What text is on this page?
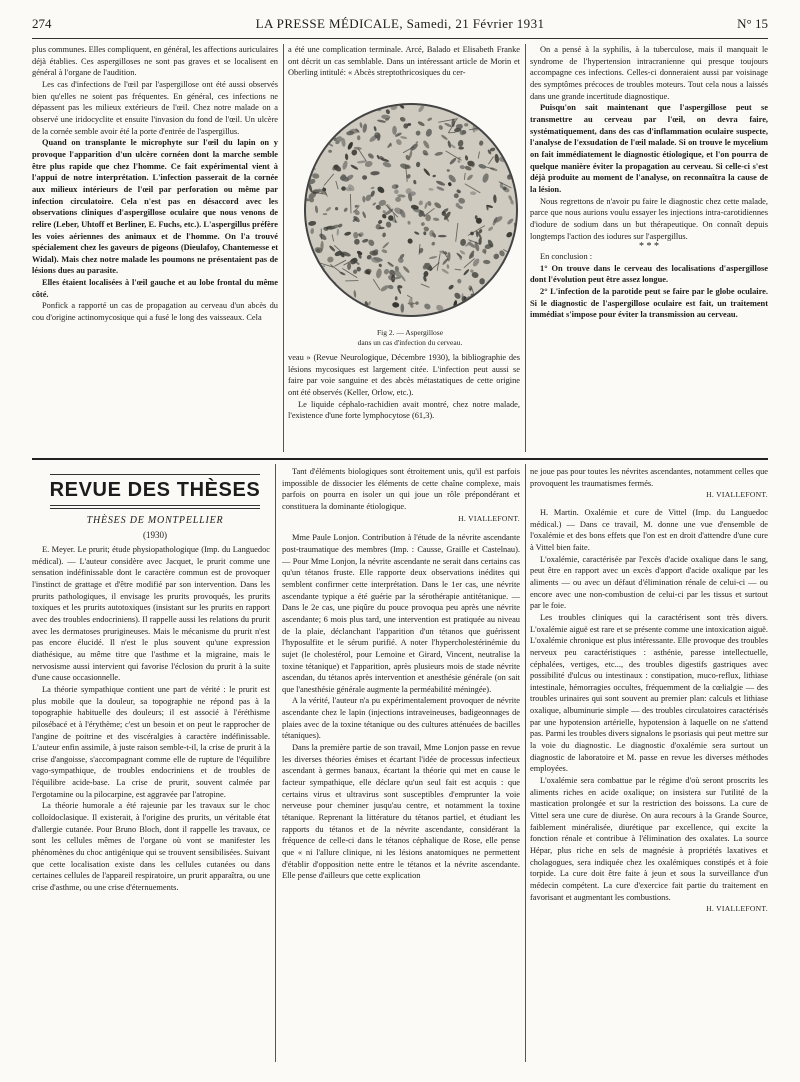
274	LA PRESSE MÉDICALE, Samedi, 21 Février 1931	N° 15

plus communes. Elles compliquent, en général, les affections auriculaires déjà établies. Ces aspergilloses ne sont pas graves et se localisent en général à l'organe de l'audition.

Les cas d'infections de l'œil par l'aspergillose ont été aussi observés bien qu'elles ne soient pas fréquentes. En général, ces infections ne dépassent pas les milieux extérieurs de l'œil. Chez notre malade on a observé une iridocyclite et ensuite l'invasion du fond de l'œil. Un ulcère de la cornée semble avoir été la porte d'entrée de l'aspergillus.

Quand on transplante le microphyte sur l'œil du lapin on y provoque l'apparition d'un ulcère cornéen dont la marche semble être plus rapide que chez l'homme. Ce fait expérimental vient à l'appui de notre interprétation. L'infection passerait de la cornée aux milieux intérieurs de l'œil par perforation ou même par infection circulatoire. Cela n'est pas en désaccord avec les observations cliniques d'aspergillose oculaire que nous venons de relire (Leber, Uhtoff et Berliner, E. Fuchs, etc.). L'aspergillus préfère les voies aériennes des animaux et de l'homme. On l'a trouvé spécialement chez les gaveurs de pigeons (Dieulafoy, Chantemesse et Widal). Mais chez notre malade les poumons ne présentaient pas de lésions dues au parasite.

Elles étaient localisées à l'œil gauche et au lobe frontal du même côté.

Ponfick a rapporté un cas de propagation au cerveau d'un abcès du cou d'origine actinomycosique qui a fusé le long des vaisseaux. Cela

a été une complication terminale. Arcé, Balado et Elisabeth Franke ont décrit un cas semblable. Dans un intéressant article de Morin et Oberling intitulé: « Abcès streptothricosiques du cer-

Fig 2. — Aspergillose
dans un cas d'infection du cerveau.

veau » (Revue Neurologique, Décembre 1930), la bibliographie des lésions mycosiques est largement citée. L'infection peut aussi se faire par voie sanguine et des abcès métastatiques de cette origine ont été observés (Keller, Orlow, etc.).

Le liquide céphalo-rachidien avait montré, chez notre malade, l'existence d'une forte lymphocytose (61,3).

On a pensé à la syphilis, à la tuberculose, mais il manquait le syndrome de l'hypertension intracranienne qui presque toujours accompagne ces infections. Celles-ci donneraient aussi par voisinage des symptômes précoces de troubles moteurs. Tout cela nous a laissés dans une grande incertitude diagnostique.

Puisqu'on sait maintenant que l'aspergillose peut se transmettre au cerveau par l'œil, on devra faire, systématiquement, dans des cas d'inflammation oculaire suspecte, l'analyse de l'exsudation de l'œil malade. Si on trouve le mycelium on fait immédiatement le diagnostic étiologique, et l'on pourra de quelque manière éviter la propagation au cerveau. Si celle-ci s'est déjà produite au moment de l'analyse, on reconnaîtra la cause de la lésion.

Nous regrettons de n'avoir pu faire le diagnostic chez cette malade, parce que nous aurions voulu essayer les injections intra-carotidiennes d'iodure de sodium dans un but thérapeutique. On connaît depuis longtemps l'action des iodures sur l'aspergillus.

* * *

En conclusion :

1° On trouve dans le cerveau des localisations d'aspergillose dont l'évolution peut être assez longue.

2° L'infection de la parotide peut se faire par le globe oculaire. Si le diagnostic de l'aspergillose oculaire est fait, un traitement immédiat s'impose pour éviter la transmission au cerveau.

REVUE DES THÈSES
THÈSES DE MONTPELLIER
(1930)

E. Meyer. Le prurit; étude physiopathologique (Imp. du Languedoc médical). — L'auteur considère avec Jacquet, le prurit comme une sensation indéfinissable dont le caractère commun est de provoquer l'instinct de grattage et d'être modifié par son intervention. Dans les prurits pathologiques, il envisage les prurits provoqués, les prurits toxiques et les prurits autotoxiques (insistant sur les prurits en rapport avec des troubles endocriniens). Il rappelle aussi les relations du prurit avec les dermatoses prurigineuses. Mais le mécanisme du prurit n'est pas encore élucidé. Il n'est le plus souvent qu'une expression diathésique, au même titre que l'asthme et la migraine, mais le nervosisme aussi intervient qui favorise l'éclosion du prurit à la suite d'une cause occasionnelle.

La théorie sympathique contient une part de vérité : le prurit est plus mobile que la douleur, sa topographie ne répond pas à la topographie habituelle des douleurs; il est associé à l'éréthisme pilosébacé et à l'érythème; c'est un besoin et on peut le rapprocher de l'angine de poitrine et des viscéralgies à caractère indéfinissable. L'auteur enfin assimile, à juste raison semble-t-il, la crise de prurit à la crise d'angoisse, s'accompagnant comme elle de rupture de l'équilibre vago-sympathique, de troubles endocriniens et de troubles de l'équilibre acide-base. La crise de prurit, souvent calmée par l'ergotamine ou la pilocarpine, est aggravée par l'atropine.

La théorie humorale a été rajeunie par les travaux sur le choc colloïdoclasique. Il existerait, à l'origine des prurits, un véritable état d'allergie cutanée. Pour Bruno Bloch, dont il rappelle les travaux, ce sont les cellules mêmes de l'organe où vont se manifester les phénomènes du choc antigénique qui se trouvent sensibilisées. Suivant que cette localisation existe dans les cellules cutanées ou dans certaines cellules de l'appareil respiratoire, un prurit apparaîtra, ou une crise d'asthme, ou une crise d'éternuements.

Tant d'éléments biologiques sont étroitement unis, qu'il est parfois impossible de dissocier les éléments de cette chaîne complexe, mais parfois on pourra en isoler un qui joue un rôle prépondérant et constituera la dominante étiologique.

H. VIALLEFONT.

Mme Paule Lonjon. Contribution à l'étude de la névrite ascendante post-traumatique des membres (Imp. : Causse, Graille et Castelnau). — Pour Mme Lonjon, la névrite ascendante ne serait dans certains cas qu'un tétanos fruste. Elle rapporte deux observations inédites qui semblent confirmer cette interprétation. Dans le 1er cas, une névrite ascendante typique a été guérie par la sérothérapie antitétanique. — Dans le 2e cas, une piqûre du pouce provoqua peu après une névrite ascendante; 6 mois plus tard, une intervention est pratiquée au niveau de la plaie, déclanchant l'apparition d'un tétanos que guérissent l'hyposulfite et le sérum purifié. A noter l'hypercholestérinémie du sujet (le cholestérol, pour Lemoine et Girard, Vincent, neutralise la toxine tétanique) et l'apparition, après plusieurs mois de stade névrite ascendan, du tétanos après intervention et anesthésie générale (on sait que l'anesthésie générale augmente la perméabilité méningée).

A la vérité, l'auteur n'a pu expérimentalement provoquer de névrite ascendante chez le lapin (injections intraveineuses, badigeonnages de plaies avec de la toxine tétanique ou des cultures atténuées de bacilles tétaniques).

Dans la première partie de son travail, Mme Lonjon passe en revue les diverses théories émises et écartant l'idée de processus infectieux ascendant à germes banaux, écartant la théorie qui met en cause le facteur sympathique, elle déclare qu'un seul fait est acquis : que certains virus et ultravirus sont susceptibles d'emprunter la voie nerveuse pour cheminer jusqu'au centre, et notamment la toxine tétanique. Reprenant la littérature du tétanos partiel, et étudiant les rapports du tétanos et de la névrite ascendante, considérant la fréquence de celle-ci dans le tétanos céphalique de Rose, elle pense que « ni l'allure clinique, ni les lésions anatomiques ne permettent d'établir d'opposition nette entre le tétanos et la névrite ascendante. Elle pense d'ailleurs que cette explication

ne joue pas pour toutes les névrites ascendantes, notamment celles que provoquent les traumatismes fermés.

H. VIALLEFONT.

H. Martin. Oxalémie et cure de Vittel (Imp. du Languedoc médical.) — Dans ce travail, M. donne une vue d'ensemble de l'oxalémie et des bons effets que l'on est en droit d'attendre d'une cure à Vittel bien faite.

L'oxalémie, caractérisée par l'excès d'acide oxalique dans le sang, peut être en rapport avec un excès d'apport d'acide oxalique par les aliments — ou avec un défaut d'élimination rénale de celui-ci — ou encore avec une non-combustion de celui-ci par les tissus et surtout par le foie.

Les troubles cliniques qui la caractérisent sont très divers. L'oxalémie aiguë est rare et se présente comme une intoxication aiguë. L'oxalémie chronique est plus intéressante. Elle provoque des troubles nerveux peu caractéristiques : asthénie, paresse intellectuelle, céphalées, vertiges, etc..., des troubles digestifs gastriques avec possibilité d'ulcus ou intestinaux : constipation, muco-reflux, lithiase intestinale, hémorragies occultes, fréquemment de la cœlialgie — des troubles urinaires qui sont souvent au premier plan: calculs et lithiase oxalique, albuminurie simple — des troubles circulatoires caractérisés par une hypotension artérielle, hypotension à laquelle on ne s'attend pas. Parmi les troubles divers signalons le psoriasis qui peut mettre sur la voie du diagnostic. Le diagnostic d'oxalémie sera surtout un diagnostic de laboratoire et M. passe en revue les diverses méthodes employées.

L'oxalémie sera combattue par le régime d'où seront proscrits les aliments riches en acide oxalique; on insistera sur l'utilité de la mastication prolongée et sur la restriction des boissons. La cure de Vittel sera une cure de diurèse. On aura recours à la Grande Source, faiblement minéralisée, diurétique par excellence, qui excite la fonction rénale et contribue à l'élimination des oxalates. La source Hépar, plus riche en sels de magnésie à propriétés laxatives et cholagogues, sera indiquée chez les oxalémiques constipés et à foie torpide. La cure doit être faite à jeun et sous la surveillance d'un médecin compétent. La cure d'exercice fait partie du traitement en favorisant et augmentant les combustions.

H. VIALLEFONT.
